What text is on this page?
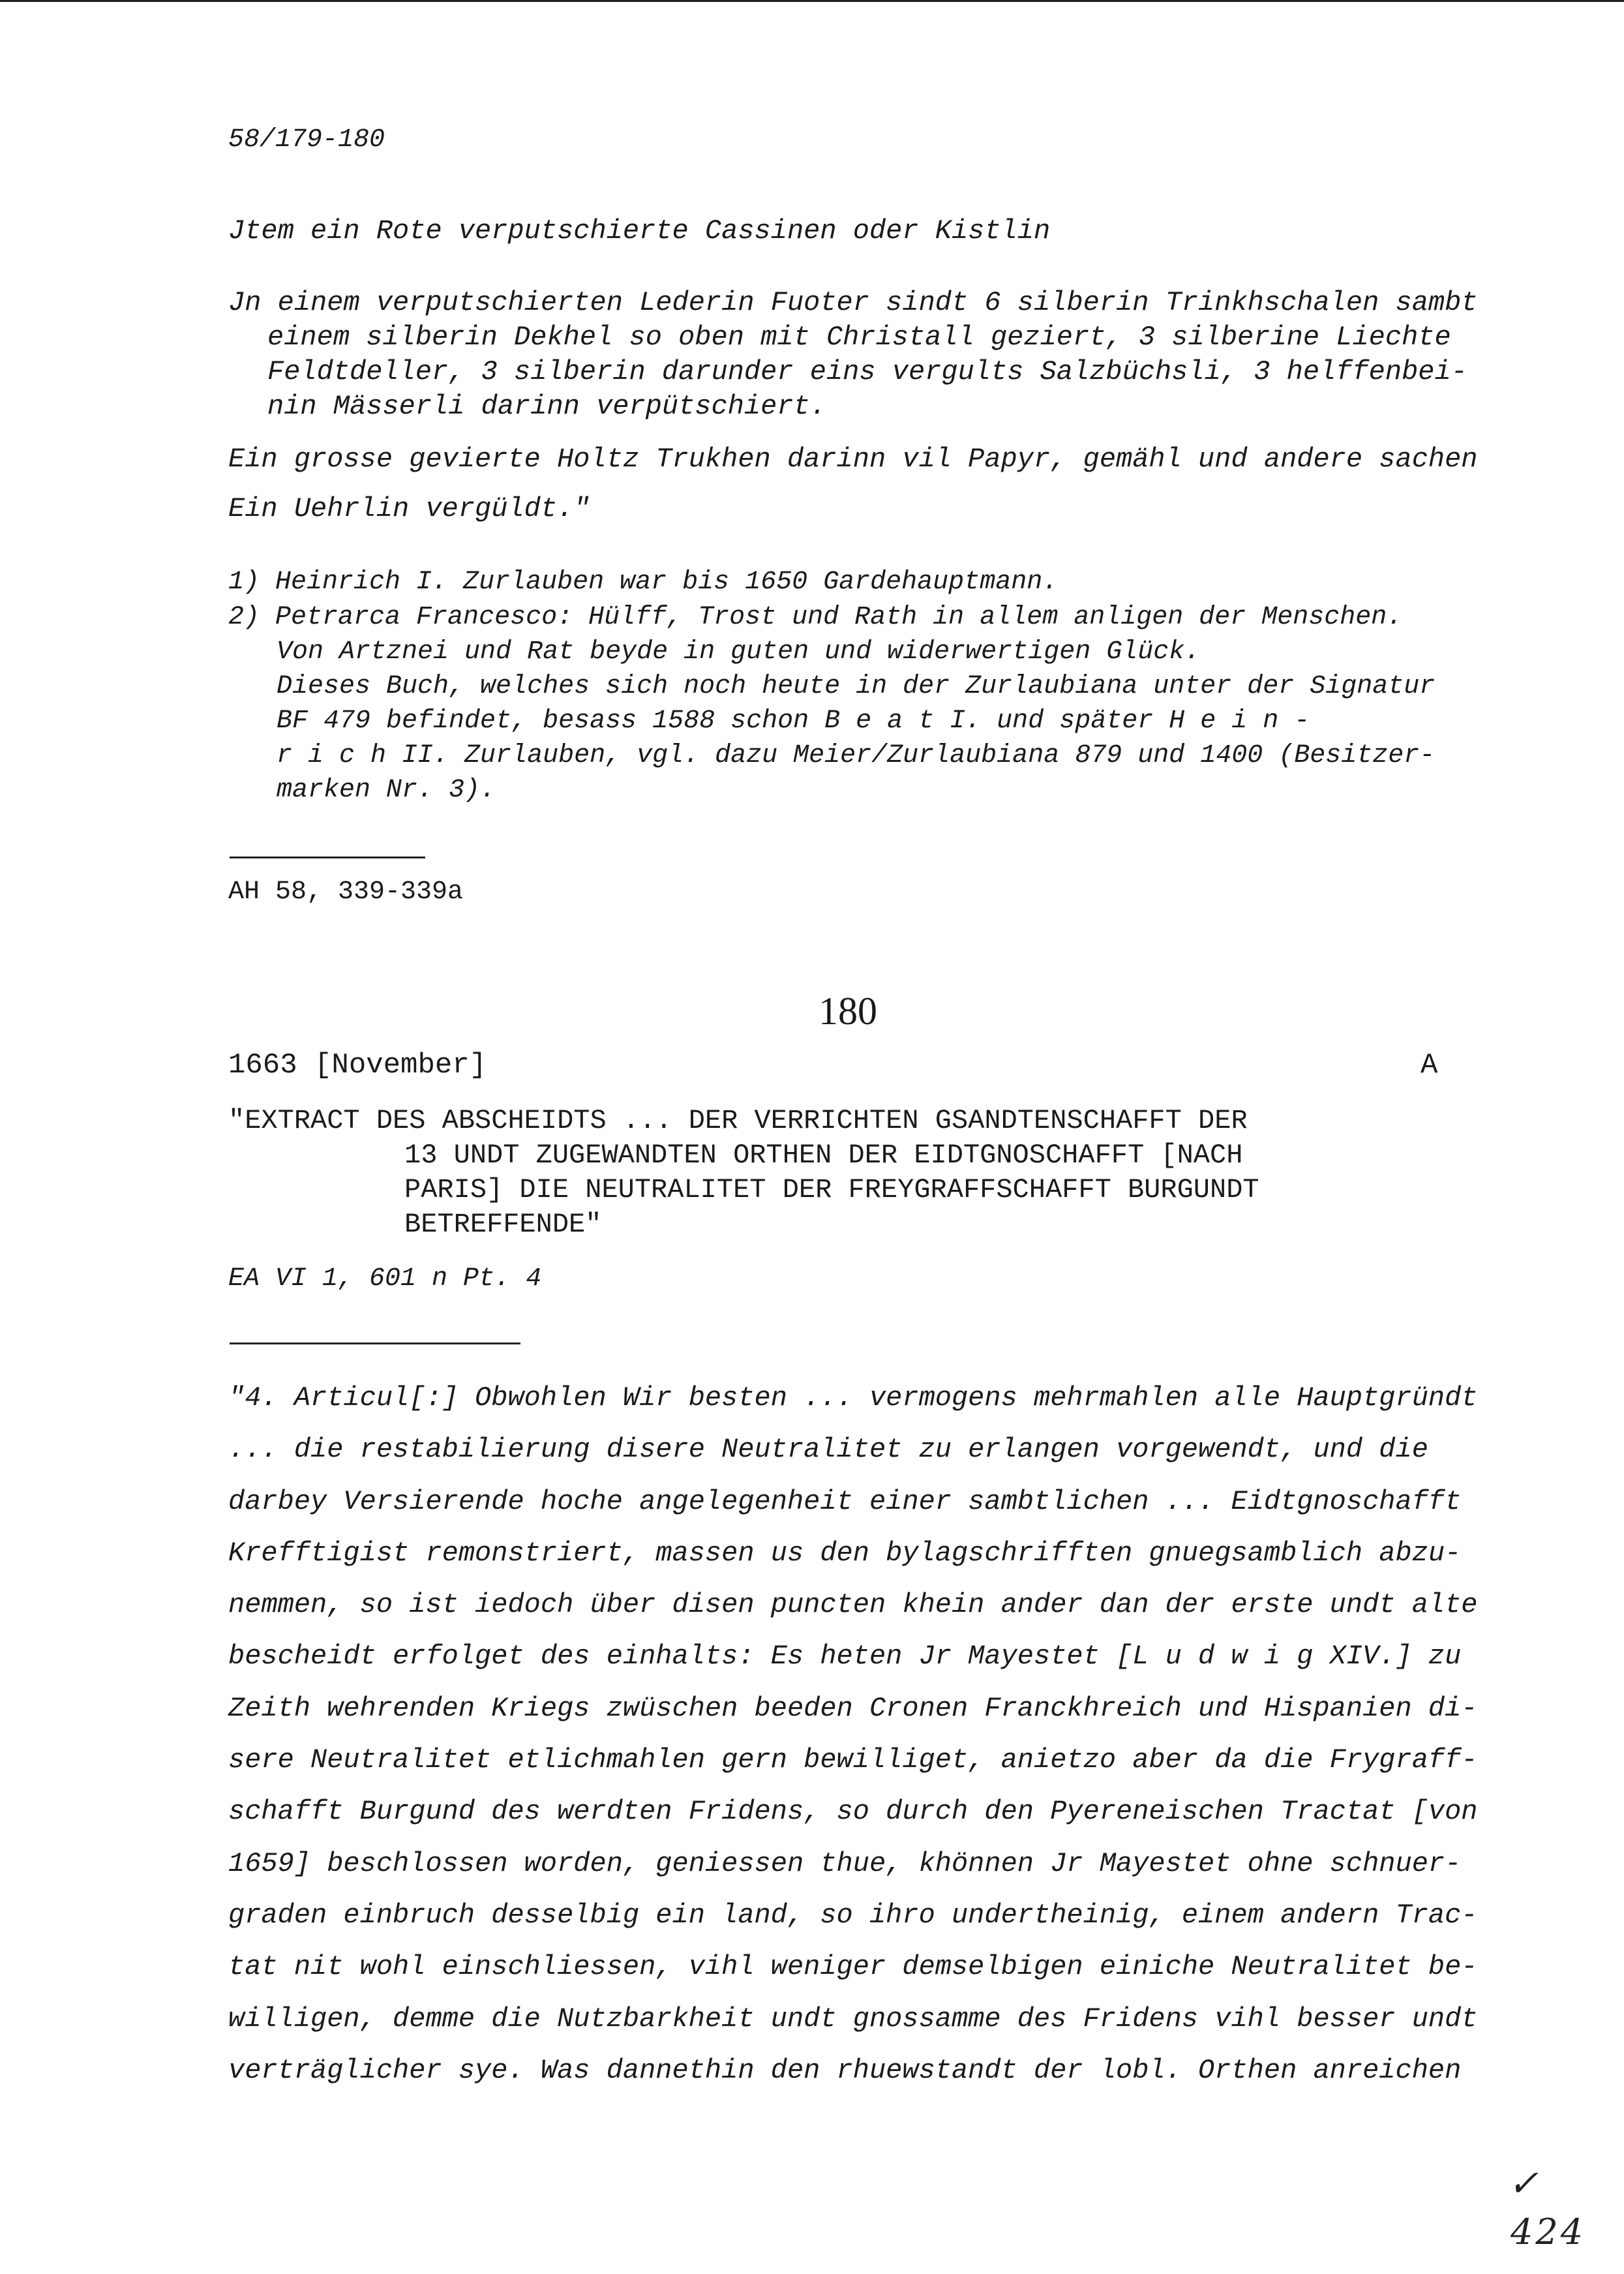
58/179-180
Jtem ein Rote verputschierte Cassinen oder Kistlin
Jn einem verputschierten Lederin Fuoter sindt 6 silberin Trinkhschalen sambt
einem silberin Dekhel so oben mit Christall geziert, 3 silberine Liechte
Feldtdeller, 3 silberin darunder eins vergults Salzbüchsli, 3 helffenbei-
nin Mässerli darinn verpütschiert.
Ein grosse gevierte Holtz Trukhen darinn vil Papyr, gemähl und andere sachen
Ein Uehrlin vergüldt."
1) Heinrich I. Zurlauben war bis 1650 Gardehauptmann.
2) Petrarca Francesco: Hülff, Trost und Rath in allem anligen der Menschen.
Von Artznei und Rat beyde in guten und widerwertigen Glück.
Dieses Buch, welches sich noch heute in der Zurlaubiana unter der Signatur
BF 479 befindet, besass 1588 schon B e a t I. und später H e i n -
r i c h II. Zurlauben, vgl. dazu Meier/Zurlaubiana 879 und 1400 (Besitzer-
marken Nr. 3).
AH 58, 339-339a
180
1663 [November]	A
"EXTRACT DES ABSCHEIDTS ... DER VERRICHTEN GSANDTENSCHAFFT DER
13 UNDT ZUGEWANDTEN ORTHEN DER EIDTGNOSCHAFFT [NACH
PARIS] DIE NEUTRALITET DER FREYGRAFFSCHAFFT BURGUNDT
BETREFFENDE"
EA VI 1, 601 n Pt. 4
"4. Articul[:] Obwohlen Wir besten ... vermogens mehrmahlen alle Hauptgründt
... die restabilierung disere Neutralitet zu erlangen vorgewendt, und die
darbey Versierende hoche angelegenheit einer sambtlichen ... Eidtgnoschafft
Krefftigist remonstriert, massen us den bylagschrifften gnuegsamblich abzu-
nemmen, so ist iedoch über disen puncten khein ander dan der erste undt alte
bescheidt erfolget des einhalts: Es heten Jr Mayestet [L u d w i g XIV.] zu
Zeith wehrenden Kriegs zwüschen beeden Cronen Franckhreich und Hispanien di-
sere Neutralitet etlichmahlen gern bewilliget, anietzo aber da die Frygraff-
schafft Burgund des werdten Fridens, so durch den Pyereneischen Tractat [von
1659] beschlossen worden, geniessen thue, khönnen Jr Mayestet ohne schnuer-
graden einbruch desselbig ein land, so ihro undertheinig, einem andern Trac-
tat nit wohl einschliessen, vihl weniger demselbigen einiche Neutralitet be-
willigen, demme die Nutzbarkheit undt gnossamme des Fridens vihl besser undt
verträglicher sye. Was dannethin den rhuewstandt der lobl. Orthen anreichen
✓
424
